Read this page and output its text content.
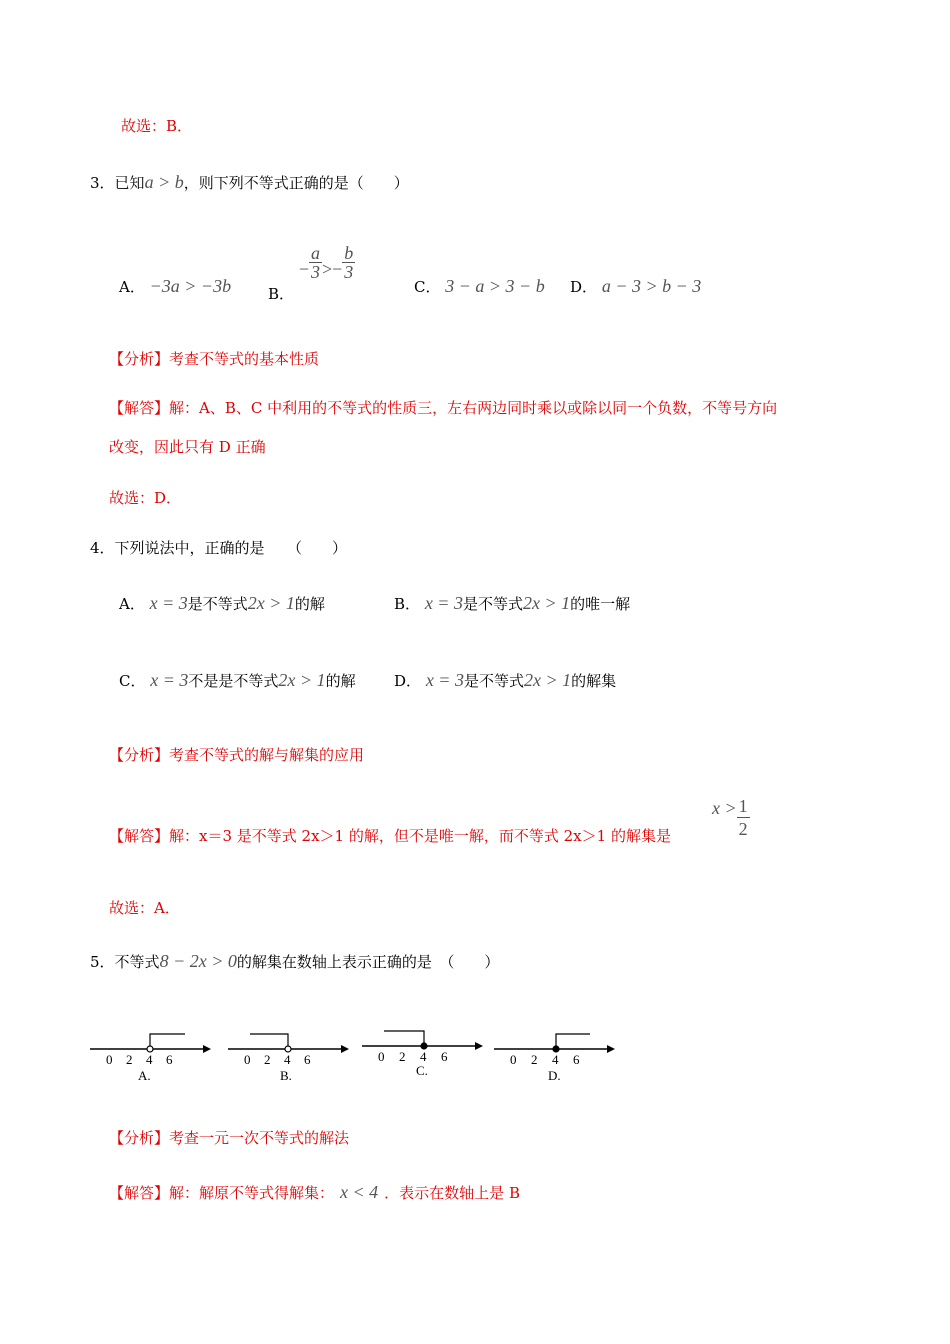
故选：B．
3．已知a > b，则下列不等式正确的是（　　）
A． −3a > −3b B． − $\frac{a}{3} >- \frac{b}{3}$
C． 3 − a > 3 − b D． a − 3 > b − 3
【分析】考查不等式的基本性质
【解答】解：A、B、C 中利用的不等式的性质三，左右两边同时乘以或除以同一个负数，不等号方向
改变，因此只有 D 正确
故选：D．
4．下列说法中，正确的是　　（　　）
A． x = 3是不等式2x > 1的解	B． x = 3是不等式2x > 1的唯一解
C． x = 3不是是不等式2x > 1的解	D． x = 3是不等式2x > 1的解集
【分析】考查不等式的解与解集的应用
【解答】解：x＝3 是不等式 2x＞1 的解，但不是唯一解，而不等式 2x＞1 的解集是
$x > \frac{1}{2}$
故选：A．
5．不等式8 − 2x > 0的解集在数轴上表示正确的是　（　　）
0 2 4 6
A.
0 2 4 6
B.
0 2 4 6
C.
0 2 4 6
D.
【分析】考查一元一次不等式的解法
【解答】解：解原不等式得解集： x < 4 ．表示在数轴上是 B
